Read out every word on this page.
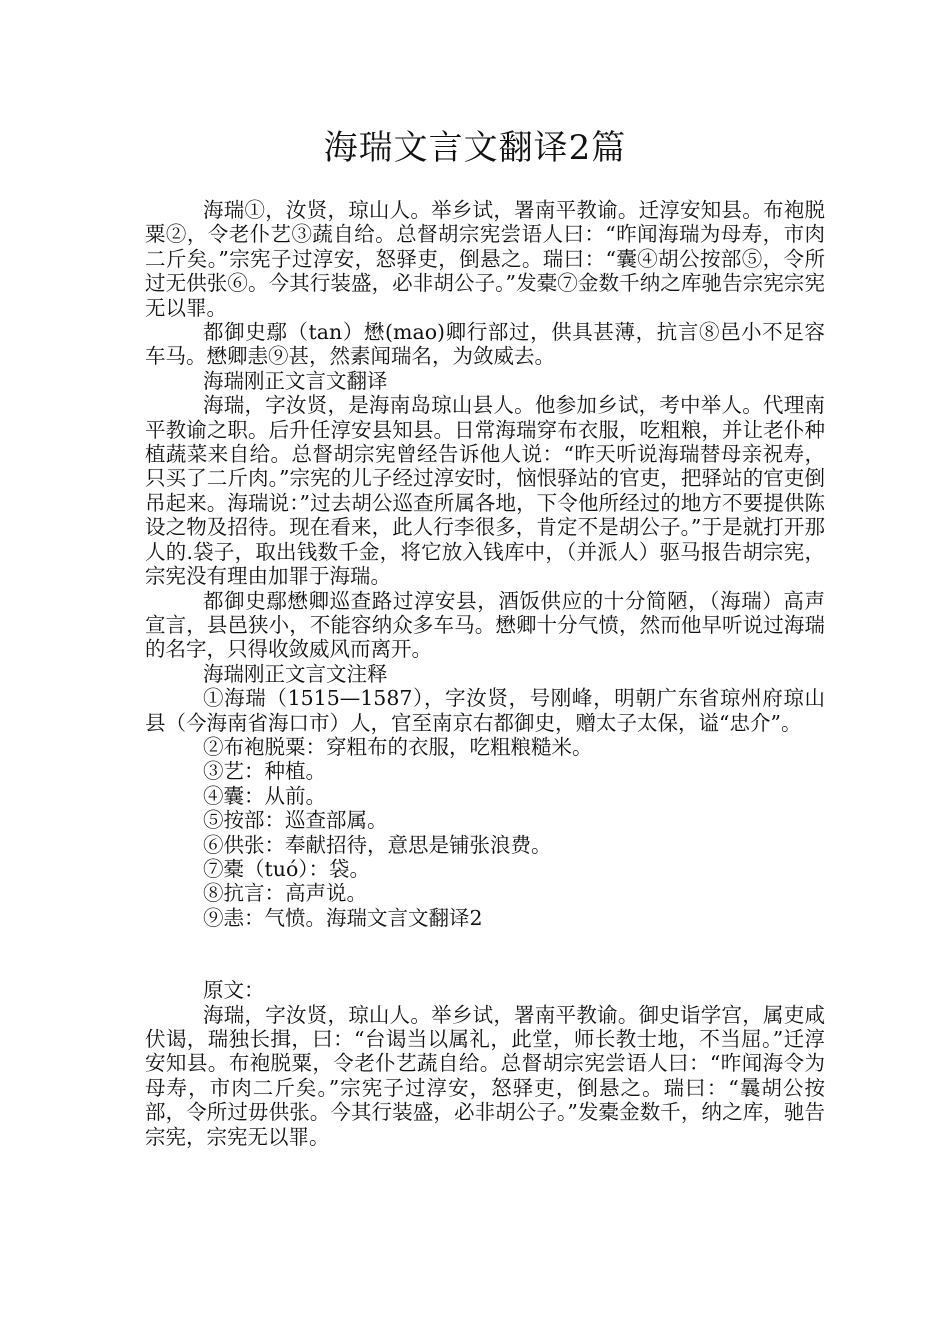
海瑞文言文翻译2篇

海瑞①，汝贤，琼山人。举乡试，署南平教谕。迁淳安知县。布袍脱粟②，令老仆艺③蔬自给。总督胡宗宪尝语人曰：“昨闻海瑞为母寿，市肉二斤矣。”宗宪子过淳安，怒驿吏，倒悬之。瑞曰：“囊④胡公按部⑤，令所过无供张⑥。今其行装盛，必非胡公子。”发橐⑦金数千纳之库驰告宗宪宗宪无以罪。

都御史鄢（tan）懋(mao)卿行部过，供具甚薄，抗言⑧邑小不足容车马。懋卿恚⑨甚，然素闻瑞名，为敛威去。

海瑞刚正文言文翻译

海瑞，字汝贤，是海南岛琼山县人。他参加乡试，考中举人。代理南平教谕之职。后升任淳安县知县。日常海瑞穿布衣服，吃粗粮，并让老仆种植蔬菜来自给。总督胡宗宪曾经告诉他人说：“昨天听说海瑞替母亲祝寿，只买了二斤肉。”宗宪的儿子经过淳安时，恼恨驿站的官吏，把驿站的官吏倒吊起来。海瑞说：”过去胡公巡查所属各地，下令他所经过的地方不要提供陈设之物及招待。现在看来，此人行李很多，肯定不是胡公子。”于是就打开那人的.袋子，取出钱数千金，将它放入钱库中，（并派人）驱马报告胡宗宪，宗宪没有理由加罪于海瑞。

都御史鄢懋卿巡查路过淳安县，酒饭供应的十分简陋，（海瑞）高声宣言，县邑狭小，不能容纳众多车马。懋卿十分气愤，然而他早听说过海瑞的名字，只得收敛威风而离开。

海瑞刚正文言文注释

①海瑞（1515—1587），字汝贤，号刚峰，明朝广东省琼州府琼山县（今海南省海口市）人，官至南京右都御史，赠太子太保，谥“忠介”。

②布袍脱粟：穿粗布的衣服，吃粗粮糙米。

③艺：种植。

④囊：从前。

⑤按部：巡查部属。

⑥供张：奉献招待，意思是铺张浪费。

⑦橐（tuó）：袋。

⑧抗言：高声说。

⑨恚：气愤。海瑞文言文翻译2

原文：

海瑞，字汝贤，琼山人。举乡试，署南平教谕。御史诣学宫，属吏咸伏谒，瑞独长揖，曰：“台谒当以属礼，此堂，师长教士地，不当屈。”迁淳安知县。布袍脱粟，令老仆艺蔬自给。总督胡宗宪尝语人曰：“昨闻海令为母寿，市肉二斤矣。”宗宪子过淳安，怒驿吏，倒悬之。瑞曰：“曩胡公按部，令所过毋供张。今其行装盛，必非胡公子。”发橐金数千，纳之库，驰告宗宪，宗宪无以罪。
